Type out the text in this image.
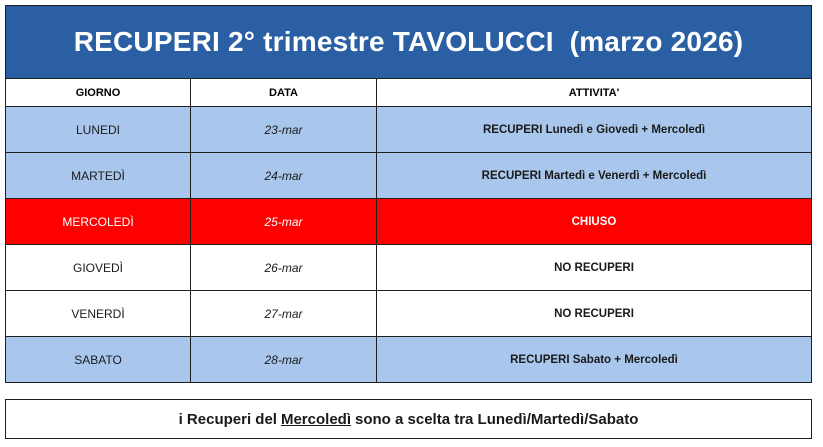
RECUPERI 2° trimestre TAVOLUCCI  (marzo 2026)
GIORNO	DATA	ATTIVITA'
LUNEDI	23-mar	RECUPERI Lunedì e Giovedì + Mercoledì
MARTEDÌ	24-mar	RECUPERI Martedì e Venerdì + Mercoledì
MERCOLEDÌ	25-mar	CHIUSO
GIOVEDÌ	26-mar	NO RECUPERI
VENERDÌ	27-mar	NO RECUPERI
SABATO	28-mar	RECUPERI Sabato + Mercoledì
i Recuperi del Mercoledì sono a scelta tra Lunedì/Martedì/Sabato
